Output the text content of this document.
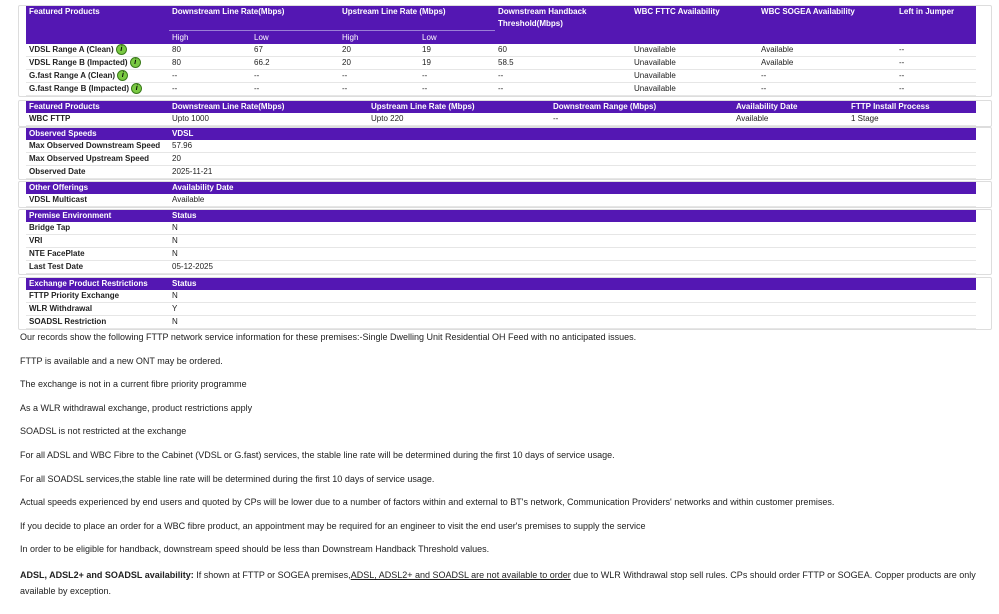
Featured Products	Downstream Line Rate(Mbps)		Upstream Line Rate (Mbps)		Downstream Handback Threshold(Mbps)	WBC FTTC Availability	WBC SOGEA Availability	Left in Jumper
	High	Low	High	Low				
VDSL Range A (Clean) i	80	67	20	19	60	Unavailable	Available	--
VDSL Range B (Impacted) i	80	66.2	20	19	58.5	Unavailable	Available	--
G.fast Range A (Clean) i	--	--	--	--	--	Unavailable	--	--
G.fast Range B (Impacted) i	--	--	--	--	--	Unavailable	--	--
Featured Products	Downstream Line Rate(Mbps)	Upstream Line Rate (Mbps)	Downstream Range (Mbps)	Availability Date	FTTP Install Process
WBC FTTP	Upto 1000	Upto 220	--	Available	1 Stage
Observed Speeds	VDSL
Max Observed Downstream Speed	57.96
Max Observed Upstream Speed	20
Observed Date	2025-11-21
Other Offerings	Availability Date
VDSL Multicast	Available
Premise Environment	Status
Bridge Tap	N
VRI	N
NTE FacePlate	N
Last Test Date	05-12-2025
Exchange Product Restrictions	Status
FTTP Priority Exchange	N
WLR Withdrawal	Y
SOADSL Restriction	N

Our records show the following FTTP network service information for these premises:-Single Dwelling Unit Residential OH Feed with no anticipated issues.

FTTP is available and a new ONT may be ordered.

The exchange is not in a current fibre priority programme

As a WLR withdrawal exchange, product restrictions apply

SOADSL is not restricted at the exchange

For all ADSL and WBC Fibre to the Cabinet (VDSL or G.fast) services, the stable line rate will be determined during the first 10 days of service usage.

For all SOADSL services,the stable line rate will be determined during the first 10 days of service usage.

Actual speeds experienced by end users and quoted by CPs will be lower due to a number of factors within and external to BT's network, Communication Providers' networks and within customer premises.

If you decide to place an order for a WBC fibre product, an appointment may be required for an engineer to visit the end user's premises to supply the service

In order to be eligible for handback, downstream speed should be less than Downstream Handback Threshold values.

ADSL, ADSL2+ and SOADSL availability: If shown at FTTP or SOGEA premises,ADSL, ADSL2+ and SOADSL are not available to order due to WLR Withdrawal stop sell rules. CPs should order FTTP or SOGEA. Copper products are only available by exception.
